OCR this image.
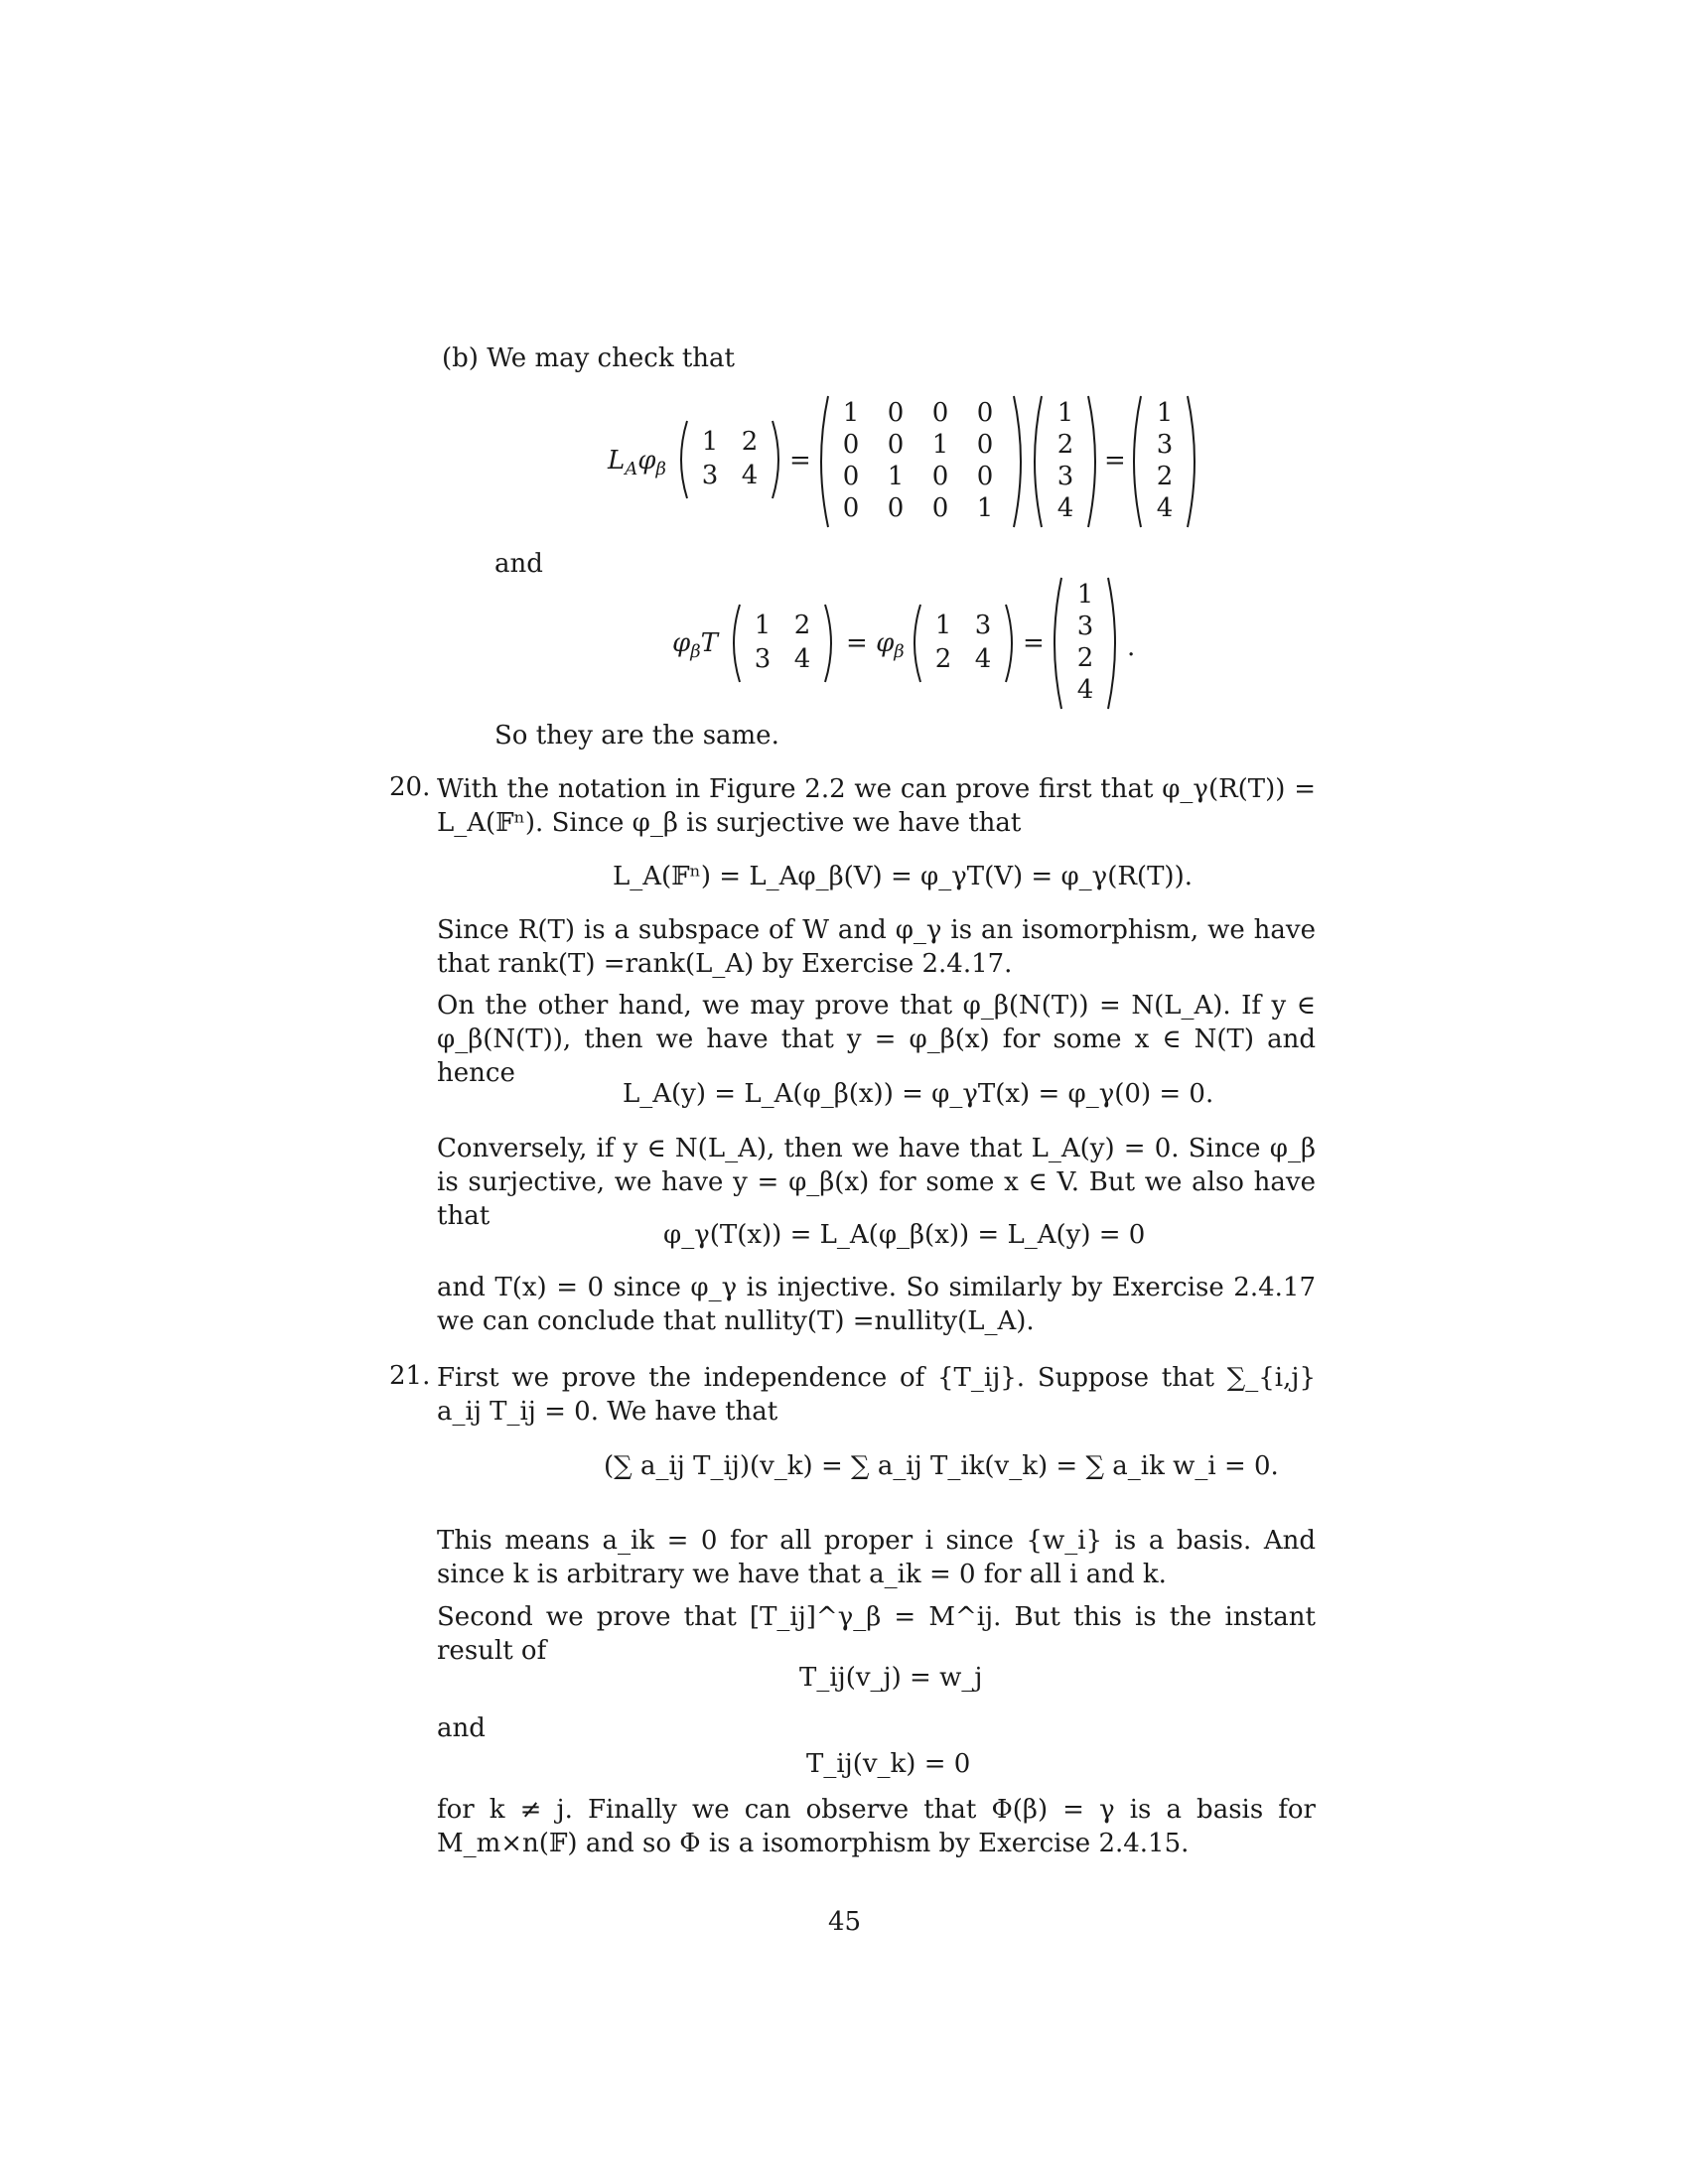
(b) We may check that
$L_A\varphi_\beta$
1 2
3 4	=
1	0	0	0
0	0	1	0
0	1	0	0
0	0	0	1
1
2
3
4
=
1
3
2
4
and
$\varphi_\beta T$
1 2
3 4
= $\varphi_\beta$
1 3
2 4
=
1
3
2
4
.
So they are the same.
20. With the notation in Figure 2.2 we can prove first that φ_γ(R(T)) = L_A(𝔽ⁿ). Since φ_β is surjective we have that
L_A(𝔽ⁿ) = L_Aφ_β(V) = φ_γT(V) = φ_γ(R(T)).
Since R(T) is a subspace of W and φ_γ is an isomorphism, we have that rank(T) =rank(L_A) by Exercise 2.4.17.
On the other hand, we may prove that φ_β(N(T)) = N(L_A). If y ∈ φ_β(N(T)), then we have that y = φ_β(x) for some x ∈ N(T) and hence
L_A(y) = L_A(φ_β(x)) = φ_γT(x) = φ_γ(0) = 0.
Conversely, if y ∈ N(L_A), then we have that L_A(y) = 0. Since φ_β is surjective, we have y = φ_β(x) for some x ∈ V. But we also have that
φ_γ(T(x)) = L_A(φ_β(x)) = L_A(y) = 0
and T(x) = 0 since φ_γ is injective. So similarly by Exercise 2.4.17 we can conclude that nullity(T) =nullity(L_A).
21. First we prove the independence of {T_ij}. Suppose that ∑_{i,j} a_ij T_ij = 0. We have that
(∑ a_ij T_ij)(v_k) = ∑ a_ij T_ik(v_k) = ∑ a_ik w_i = 0.
This means a_ik = 0 for all proper i since {w_i} is a basis. And since k is arbitrary we have that a_ik = 0 for all i and k.
Second we prove that [T_ij]^γ_β = M^ij. But this is the instant result of
T_ij(v_j) = w_j
and
T_ij(v_k) = 0
for k ≠ j. Finally we can observe that Φ(β) = γ is a basis for M_m×n(𝔽) and so Φ is a isomorphism by Exercise 2.4.15.
45
